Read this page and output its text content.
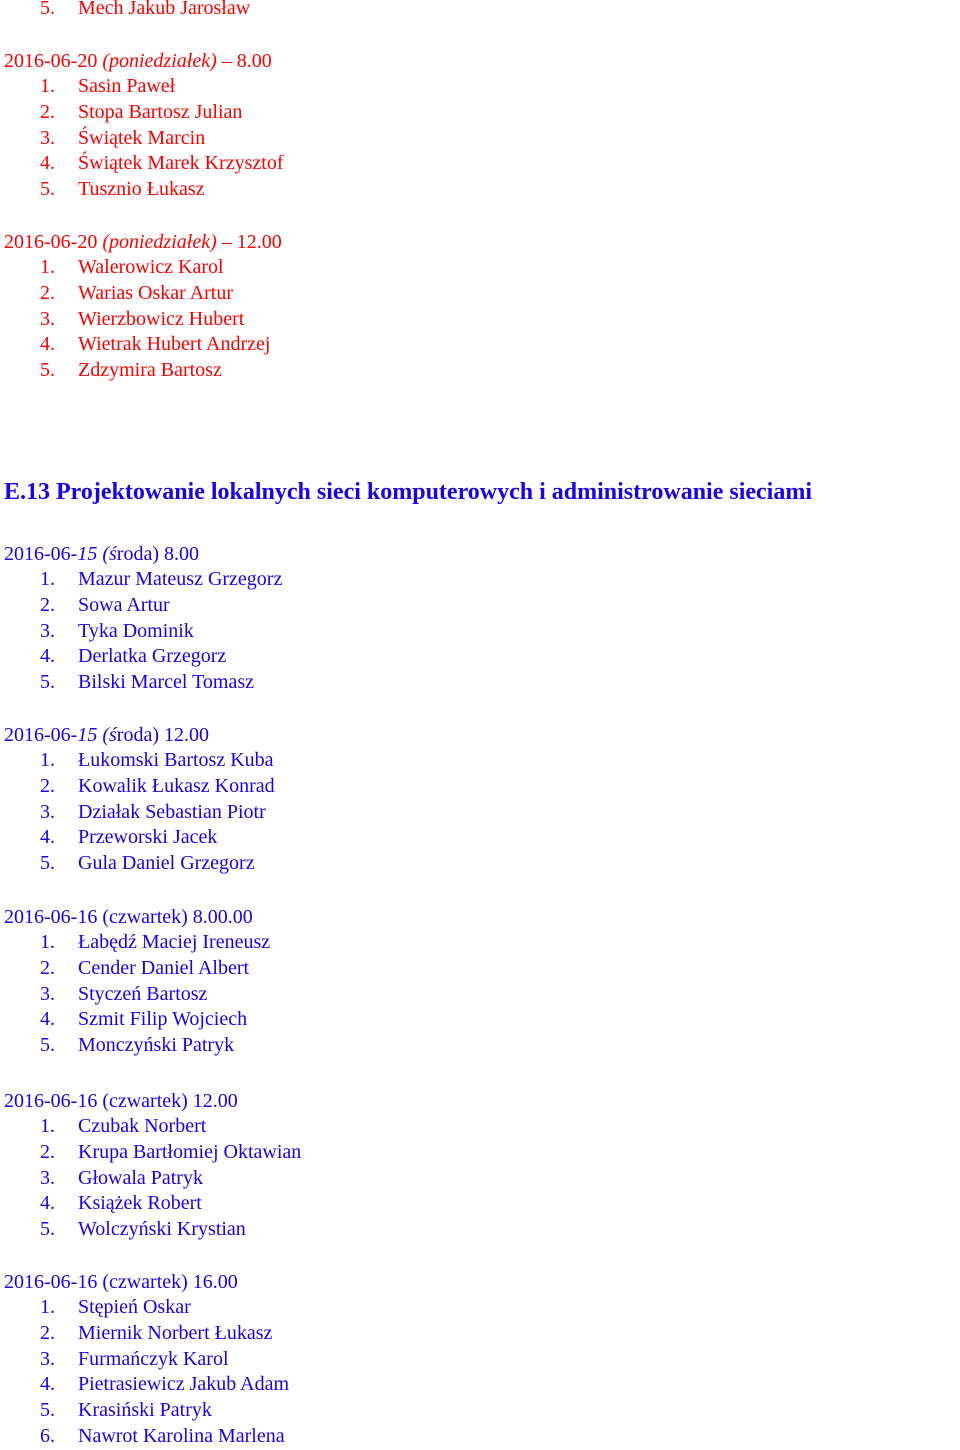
5. Mech Jakub Jarosław
2016-06-20 (poniedziałek) – 8.00
1. Sasin Paweł
2. Stopa Bartosz Julian
3. Świątek Marcin
4. Świątek Marek Krzysztof
5. Tusznio Łukasz
2016-06-20 (poniedziałek) – 12.00
1. Walerowicz Karol
2. Warias Oskar Artur
3. Wierzbowicz Hubert
4. Wietrak Hubert Andrzej
5. Zdzymira Bartosz
E.13 Projektowanie lokalnych sieci komputerowych i administrowanie sieciami
2016-06-15 (środa) 8.00
1. Mazur Mateusz Grzegorz
2. Sowa Artur
3. Tyka Dominik
4. Derlatka Grzegorz
5. Bilski Marcel Tomasz
2016-06-15 (środa) 12.00
1. Łukomski Bartosz Kuba
2. Kowalik Łukasz Konrad
3. Działak Sebastian Piotr
4. Przeworski Jacek
5. Gula Daniel Grzegorz
2016-06-16 (czwartek) 8.00.00
1. Łabędź Maciej Ireneusz
2. Cender Daniel Albert
3. Styczeń Bartosz
4. Szmit Filip Wojciech
5. Monczyński Patryk
2016-06-16 (czwartek) 12.00
1. Czubak Norbert
2. Krupa Bartłomiej Oktawian
3. Głowala Patryk
4. Książek Robert
5. Wolczyński Krystian
2016-06-16 (czwartek) 16.00
1. Stępień Oskar
2. Miernik Norbert Łukasz
3. Furmańczyk Karol
4. Pietrasiewicz Jakub Adam
5. Krasiński Patryk
6. Nawrot Karolina Marlena
